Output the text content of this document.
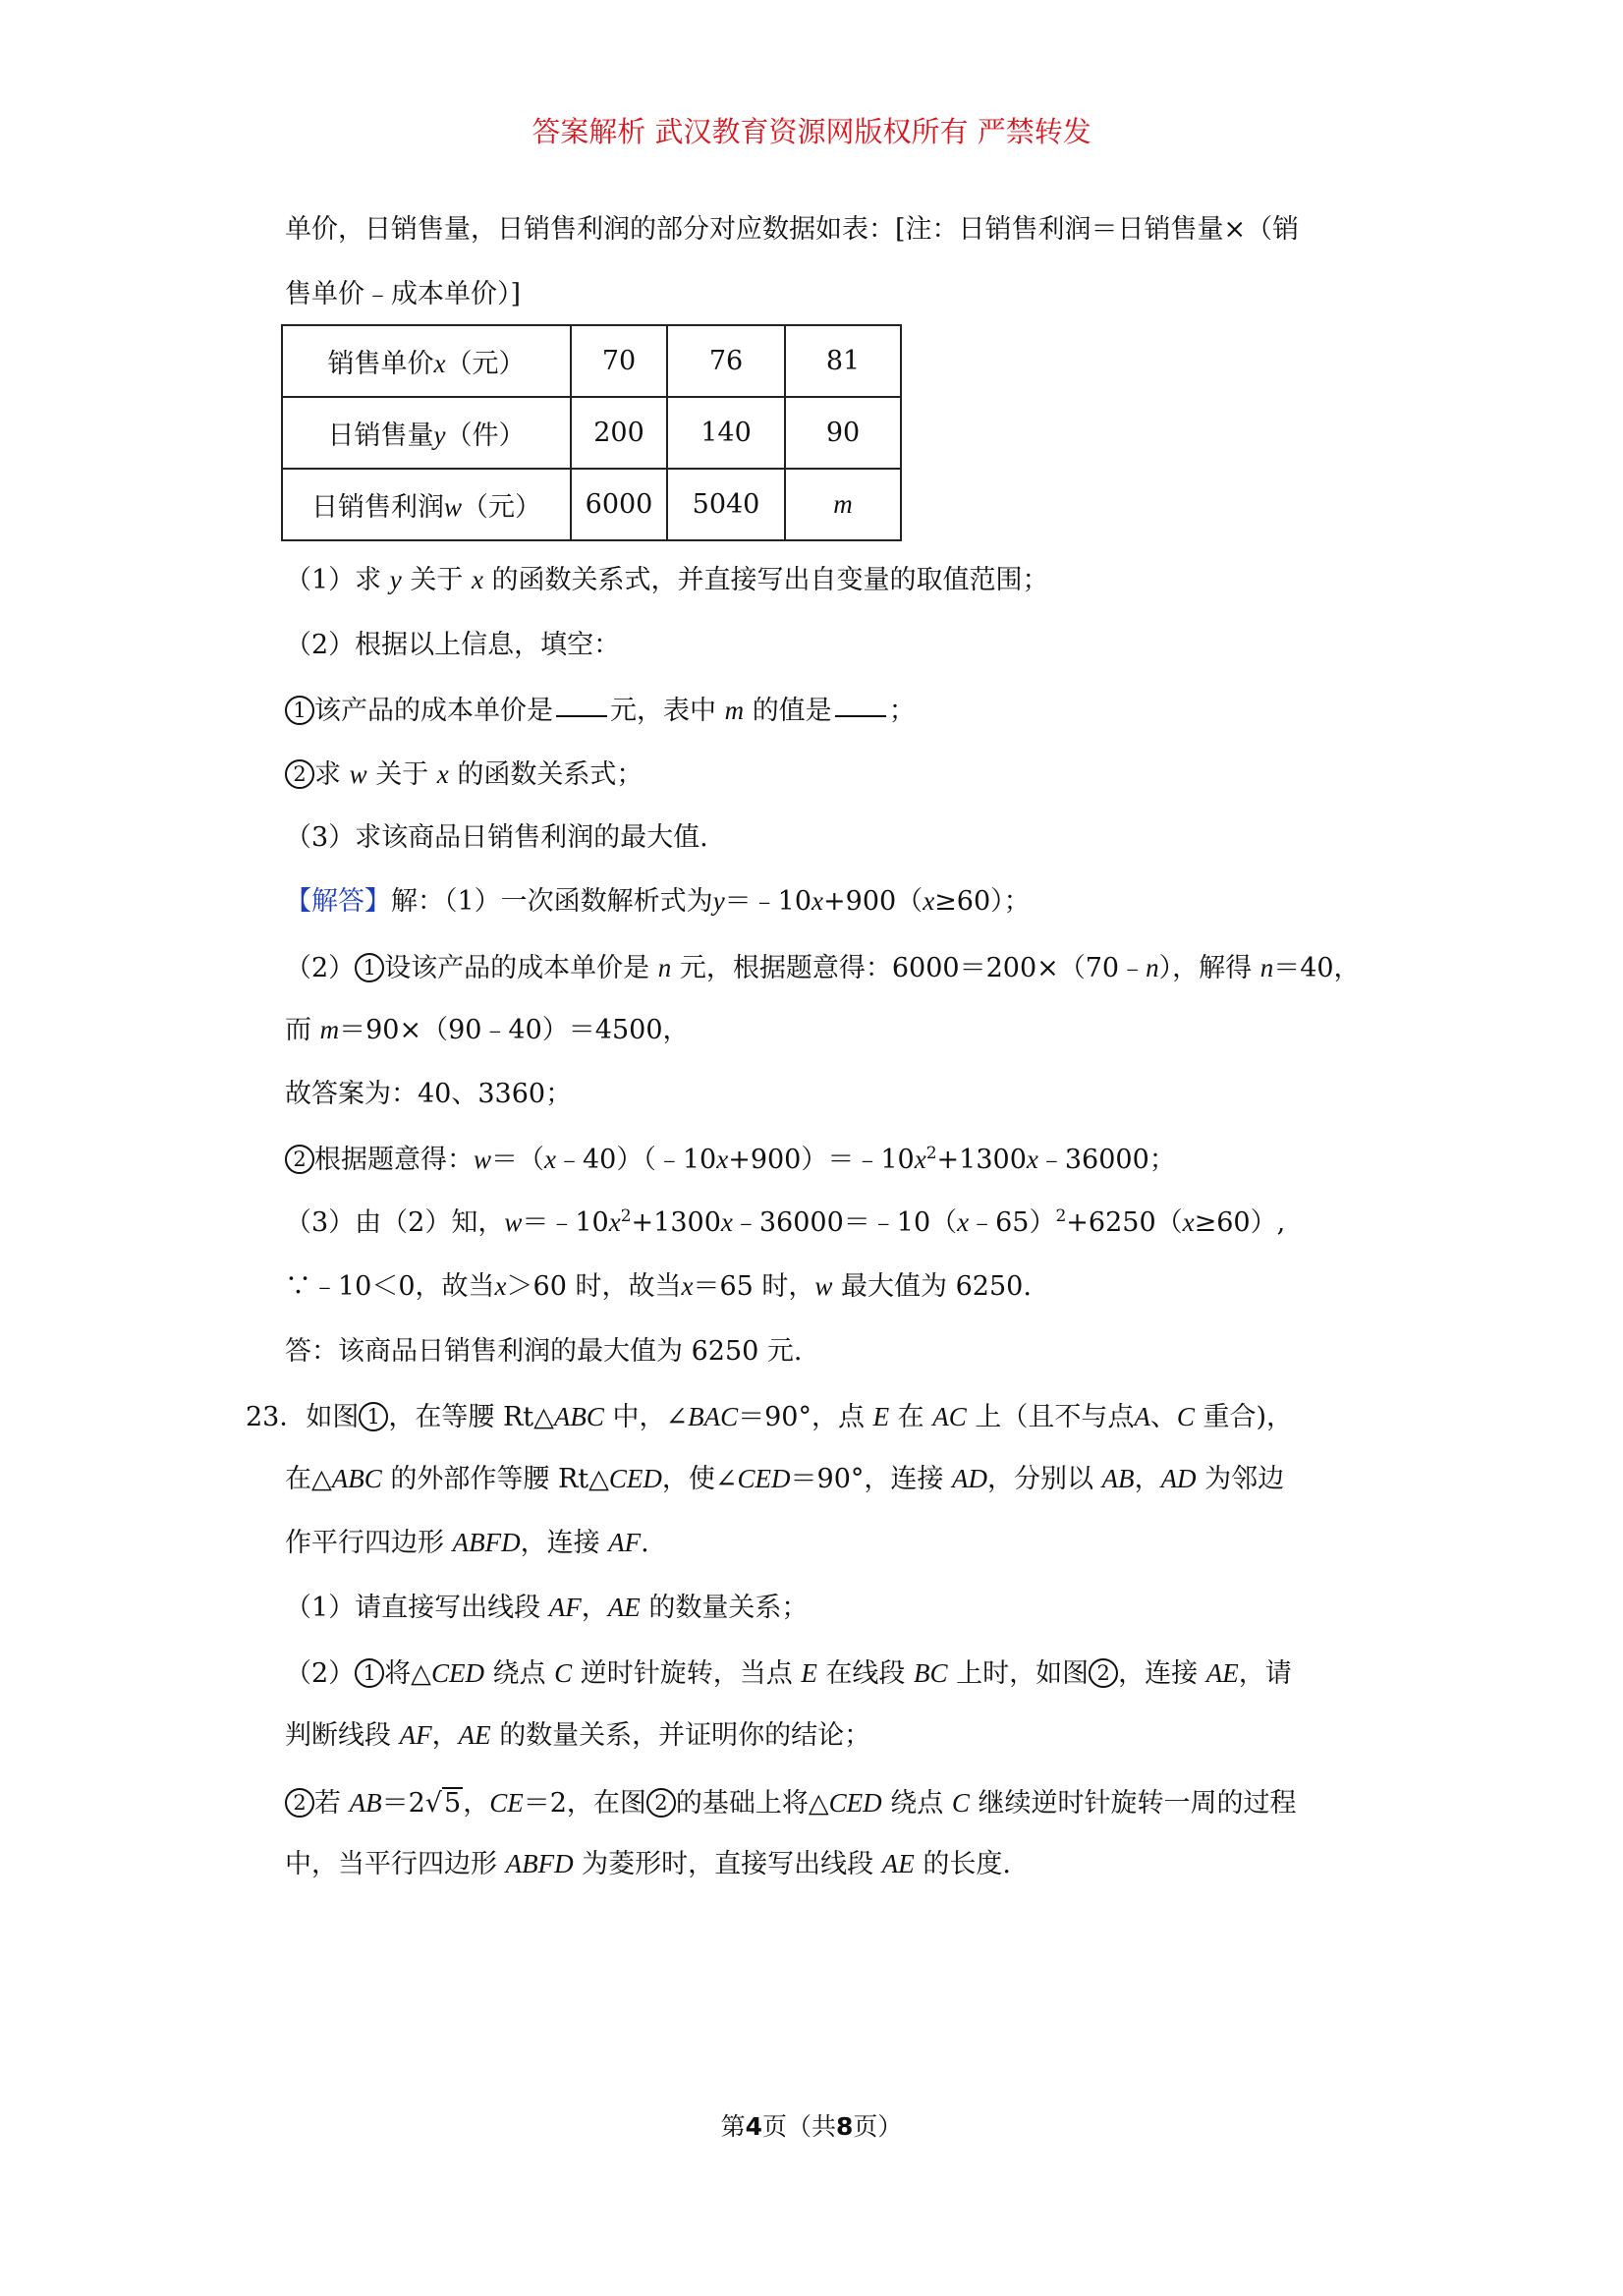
答案解析 武汉教育资源网版权所有 严禁转发
单价，日销售量，日销售利润的部分对应数据如表：[注：日销售利润＝日销售量×（销
售单价﹣成本单价）]
销售单价x（元）	70	76	81
日销售量y（件）	200	140	90
日销售利润w（元）	6000	5040	m
（1）求 y 关于 x 的函数关系式，并直接写出自变量的取值范围；
（2）根据以上信息，填空：
1 该产品的成本单价是 元，表中 m 的值是 ；
2 求 w 关于 x 的函数关系式；
（3）求该商品日销售利润的最大值.
【解答】解：（1）一次函数解析式为y＝﹣10x+900（x≥60）；
（2） 1 设该产品的成本单价是 n 元，根据题意得：6000＝200×（70﹣n），解得 n＝40，
而 m＝90×（90﹣40）＝4500，
故答案为：40、3360；
2 根据题意得：$w=(x﹣40)(﹣10x+900)=﹣10x^2+1300x﹣36000$；
（3）由（2）知，$w=﹣10x^2+1300x﹣36000=﹣10(x﹣65)^2+6250(x\ge 60)$,
∵﹣10＜0，故当x＞60 时，故当x＝65 时，w 最大值为 6250.
答：该商品日销售利润的最大值为 6250 元.
23．如图 1 ，在等腰 Rt△ABC 中，∠BAC＝90°，点 E 在 AC 上（且不与点A、C 重合)，
在△ABC 的外部作等腰 Rt△CED，使∠CED＝90°，连接 AD，分别以 AB，AD 为邻边
作平行四边形 ABFD，连接 AF.
（1）请直接写出线段 AF，AE 的数量关系；
（2） 1 将△CED 绕点 C 逆时针旋转，当点 E 在线段 BC 上时，如图 2 ，连接 AE，请
判断线段 AF，AE 的数量关系，并证明你的结论；
2 若 AB＝2√5，CE＝2，在图 2 的基础上将△CED 绕点 C 继续逆时针旋转一周的过程
中，当平行四边形 ABFD 为菱形时，直接写出线段 AE 的长度.
第4页（共8页）
